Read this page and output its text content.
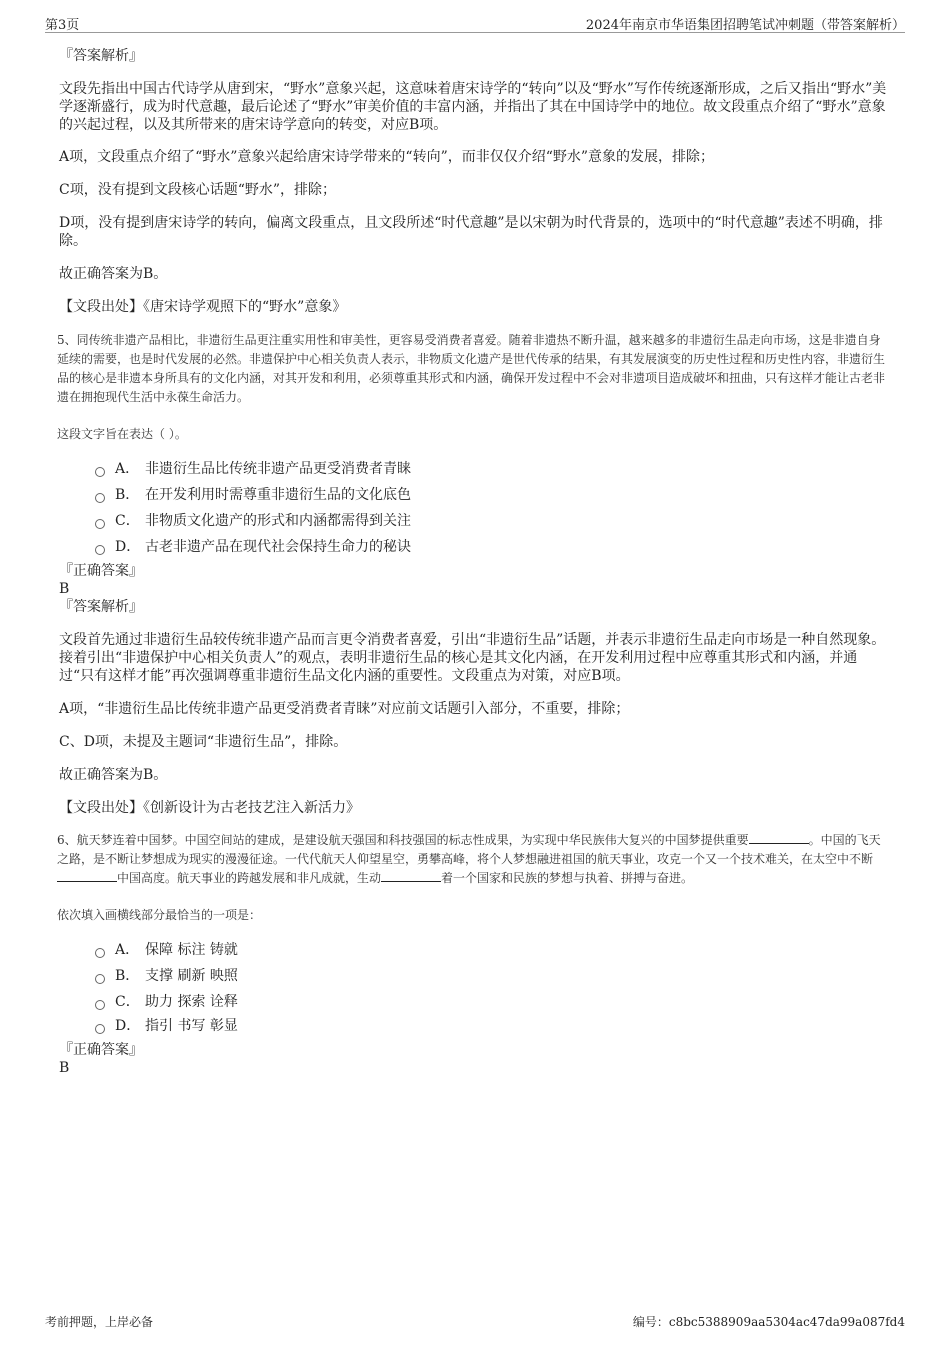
第3页	2024年南京市华语集团招聘笔试冲刺题（带答案解析）

『答案解析』

文段先指出中国古代诗学从唐到宋，“野水”意象兴起，这意味着唐宋诗学的“转向”以及“野水”写作传统逐渐形成，之后又指出“野水”美学逐渐盛行，成为时代意趣，最后论述了“野水”审美价值的丰富内涵，并指出了其在中国诗学中的地位。故文段重点介绍了“野水”意象的兴起过程，以及其所带来的唐宋诗学意向的转变，对应B项。

A项，文段重点介绍了“野水”意象兴起给唐宋诗学带来的“转向”，而非仅仅介绍“野水”意象的发展，排除；

C项，没有提到文段核心话题“野水”，排除；

D项，没有提到唐宋诗学的转向，偏离文段重点，且文段所述“时代意趣”是以宋朝为时代背景的，选项中的“时代意趣”表述不明确，排除。

故正确答案为B。

【文段出处】《唐宋诗学观照下的“野水”意象》

5、同传统非遗产品相比，非遗衍生品更注重实用性和审美性，更容易受消费者喜爱。随着非遗热不断升温，越来越多的非遗衍生品走向市场，这是非遗自身延续的需要，也是时代发展的必然。非遗保护中心相关负责人表示，非物质文化遗产是世代传承的结果，有其发展演变的历史性过程和历史性内容，非遗衍生品的核心是非遗本身所具有的文化内涵，对其开发和利用，必须尊重其形式和内涵，确保开发过程中不会对非遗项目造成破坏和扭曲，只有这样才能让古老非遗在拥抱现代生活中永葆生命活力。

这段文字旨在表达（ ）。

A． 非遗衍生品比传统非遗产品更受消费者青睐
B． 在开发利用时需尊重非遗衍生品的文化底色
C． 非物质文化遗产的形式和内涵都需得到关注
D． 古老非遗产品在现代社会保持生命力的秘诀

『正确答案』

B

『答案解析』

文段首先通过非遗衍生品较传统非遗产品而言更令消费者喜爱，引出“非遗衍生品”话题，并表示非遗衍生品走向市场是一种自然现象。接着引出“非遗保护中心相关负责人”的观点，表明非遗衍生品的核心是其文化内涵，在开发利用过程中应尊重其形式和内涵，并通过“只有这样才能”再次强调尊重非遗衍生品文化内涵的重要性。文段重点为对策，对应B项。

A项，“非遗衍生品比传统非遗产品更受消费者青睐”对应前文话题引入部分，不重要，排除；

C、D项，未提及主题词“非遗衍生品”，排除。

故正确答案为B。

【文段出处】《创新设计为古老技艺注入新活力》

6、航天梦连着中国梦。中国空间站的建成，是建设航天强国和科技强国的标志性成果，为实现中华民族伟大复兴的中国梦提供重要	。中国的飞天之路，是不断让梦想成为现实的漫漫征途。一代代航天人仰望星空，勇攀高峰，将个人梦想融进祖国的航天事业，攻克一个又一个技术难关，在太空中不断中国高度。航天事业的跨越发展和非凡成就，生动	着一个国家和民族的梦想与执着、拼搏与奋进。

依次填入画横线部分最恰当的一项是：

A． 保障 标注 铸就
B． 支撑 刷新 映照
C． 助力 探索 诠释
D． 指引 书写 彰显

『正确答案』

B

考前押题，上岸必备	编号：c8bc5388909aa5304ac47da99a087fd4
